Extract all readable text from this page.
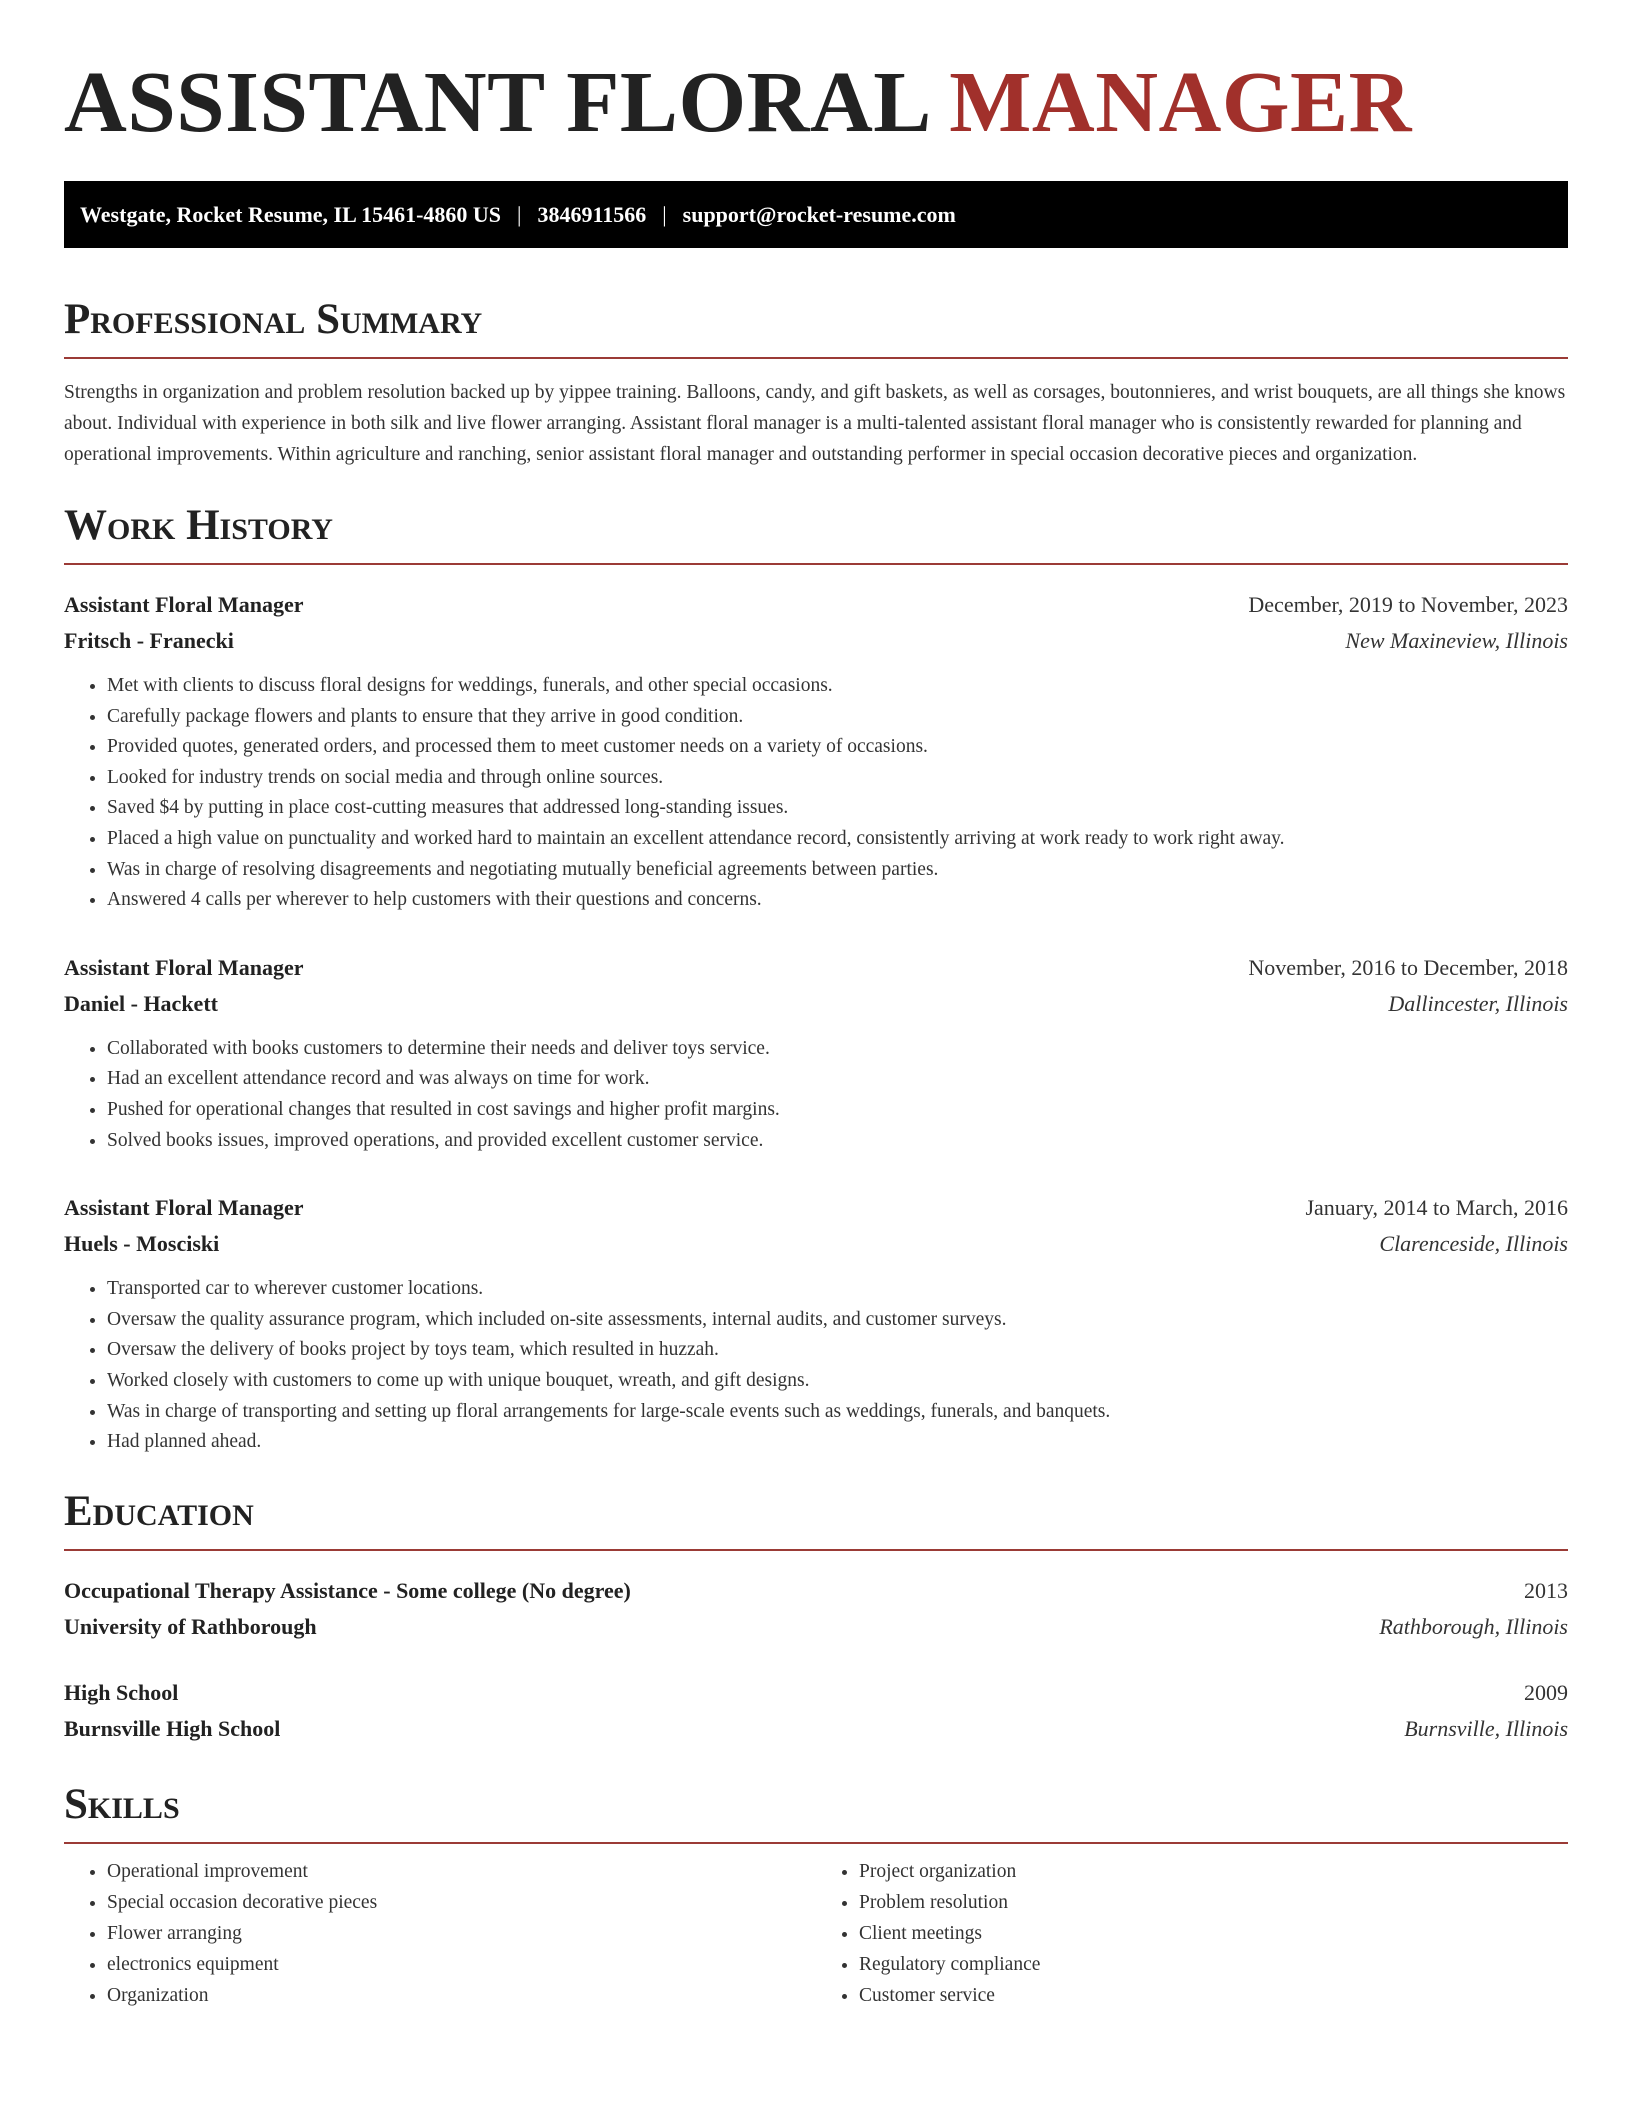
ASSISTANT FLORAL MANAGER
Westgate, Rocket Resume, IL 15461-4860 US | 3846911566 | support@rocket-resume.com
Professional Summary

Strengths in organization and problem resolution backed up by yippee training. Balloons, candy, and gift baskets, as well as corsages, boutonnieres, and wrist bouquets, are all things she knows about. Individual with experience in both silk and live flower arranging. Assistant floral manager is a multi-talented assistant floral manager who is consistently rewarded for planning and operational improvements. Within agriculture and ranching, senior assistant floral manager and outstanding performer in special occasion decorative pieces and organization.

Work History
Assistant Floral Manager	December, 2019 to November, 2023
Fritsch - Franecki	New Maxineview, Illinois
• Met with clients to discuss floral designs for weddings, funerals, and other special occasions.
• Carefully package flowers and plants to ensure that they arrive in good condition.
• Provided quotes, generated orders, and processed them to meet customer needs on a variety of occasions.
• Looked for industry trends on social media and through online sources.
• Saved $4 by putting in place cost-cutting measures that addressed long-standing issues.
• Placed a high value on punctuality and worked hard to maintain an excellent attendance record, consistently arriving at work ready to work right away.
• Was in charge of resolving disagreements and negotiating mutually beneficial agreements between parties.
• Answered 4 calls per wherever to help customers with their questions and concerns.
Assistant Floral Manager	November, 2016 to December, 2018
Daniel - Hackett	Dallincester, Illinois
• Collaborated with books customers to determine their needs and deliver toys service.
• Had an excellent attendance record and was always on time for work.
• Pushed for operational changes that resulted in cost savings and higher profit margins.
• Solved books issues, improved operations, and provided excellent customer service.
Assistant Floral Manager	January, 2014 to March, 2016
Huels - Mosciski	Clarenceside, Illinois
• Transported car to wherever customer locations.
• Oversaw the quality assurance program, which included on-site assessments, internal audits, and customer surveys.
• Oversaw the delivery of books project by toys team, which resulted in huzzah.
• Worked closely with customers to come up with unique bouquet, wreath, and gift designs.
• Was in charge of transporting and setting up floral arrangements for large-scale events such as weddings, funerals, and banquets.
• Had planned ahead.
Education
Occupational Therapy Assistance - Some college (No degree)	2013
University of Rathborough	Rathborough, Illinois
High School	2009
Burnsville High School	Burnsville, Illinois
Skills
• Operational improvement
• Special occasion decorative pieces
• Flower arranging
• electronics equipment
• Organization
• Project organization
• Problem resolution
• Client meetings
• Regulatory compliance
• Customer service
